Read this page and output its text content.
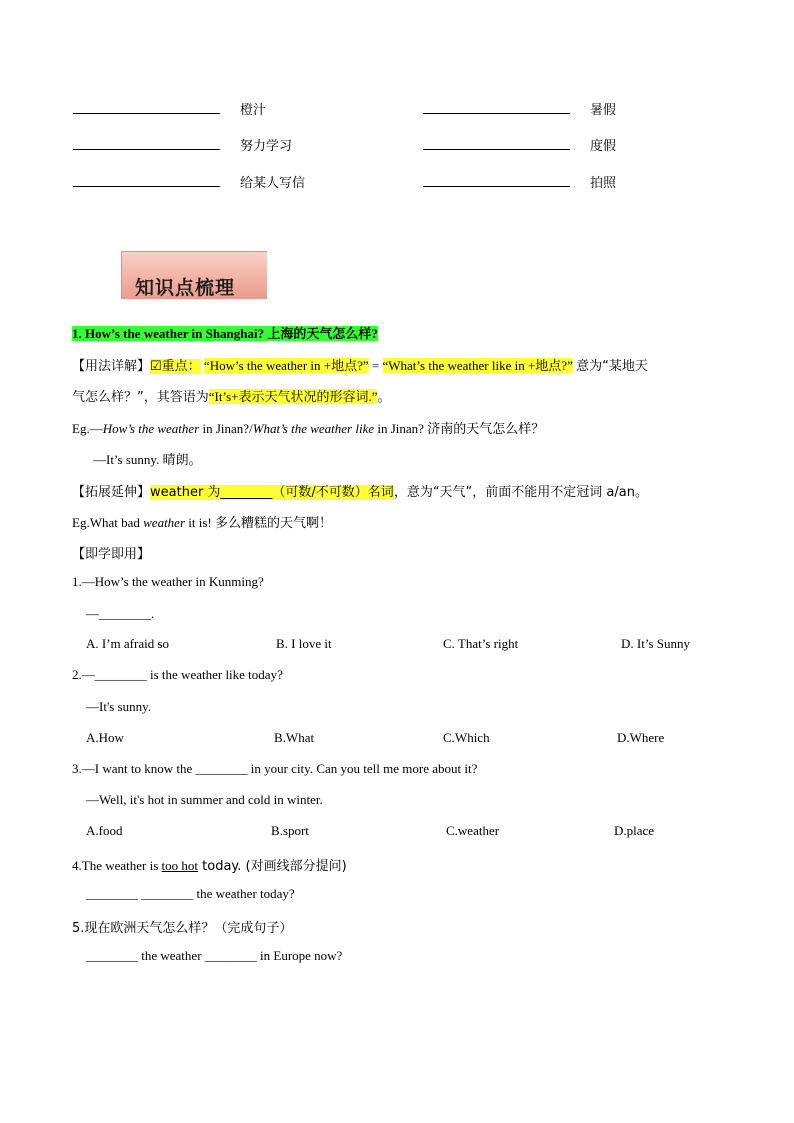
橙汁	暑假
努力学习	度假
给某人写信	拍照
知识点梳理
1. How’s the weather in Shanghai? 上海的天气怎么样?
【用法详解】☑重点： “How’s the weather in +地点?” = “What’s the weather like in +地点?” 意为“某地天
气怎么样？”，其答语为“It’s+表示天气状况的形容词.”。
Eg.—How’s the weather in Jinan?/What’s the weather like in Jinan? 济南的天气怎么样？
—It’s sunny. 晴朗。
【拓展延伸】weather 为________（可数/不可数）名词，意为“天气”，前面不能用不定冠词 a/an。
Eg.What bad weather it is! 多么糟糕的天气啊！
【即学即用】
1.—How’s the weather in Kunming?
—________.
A. I’m afraid so	B. I love it	C. That’s right	D. It’s Sunny
2.—________ is the weather like today?
—It's sunny.
A.How	B.What	C.Which	D.Where
3.—I want to know the ________ in your city. Can you tell me more about it?
—Well, it's hot in summer and cold in winter.
A.food	B.sport	C.weather	D.place
4.The weather is too hot today. (对画线部分提问)
________ ________ the weather today?
5.现在欧洲天气怎么样？（完成句子）
________ the weather ________ in Europe now?
